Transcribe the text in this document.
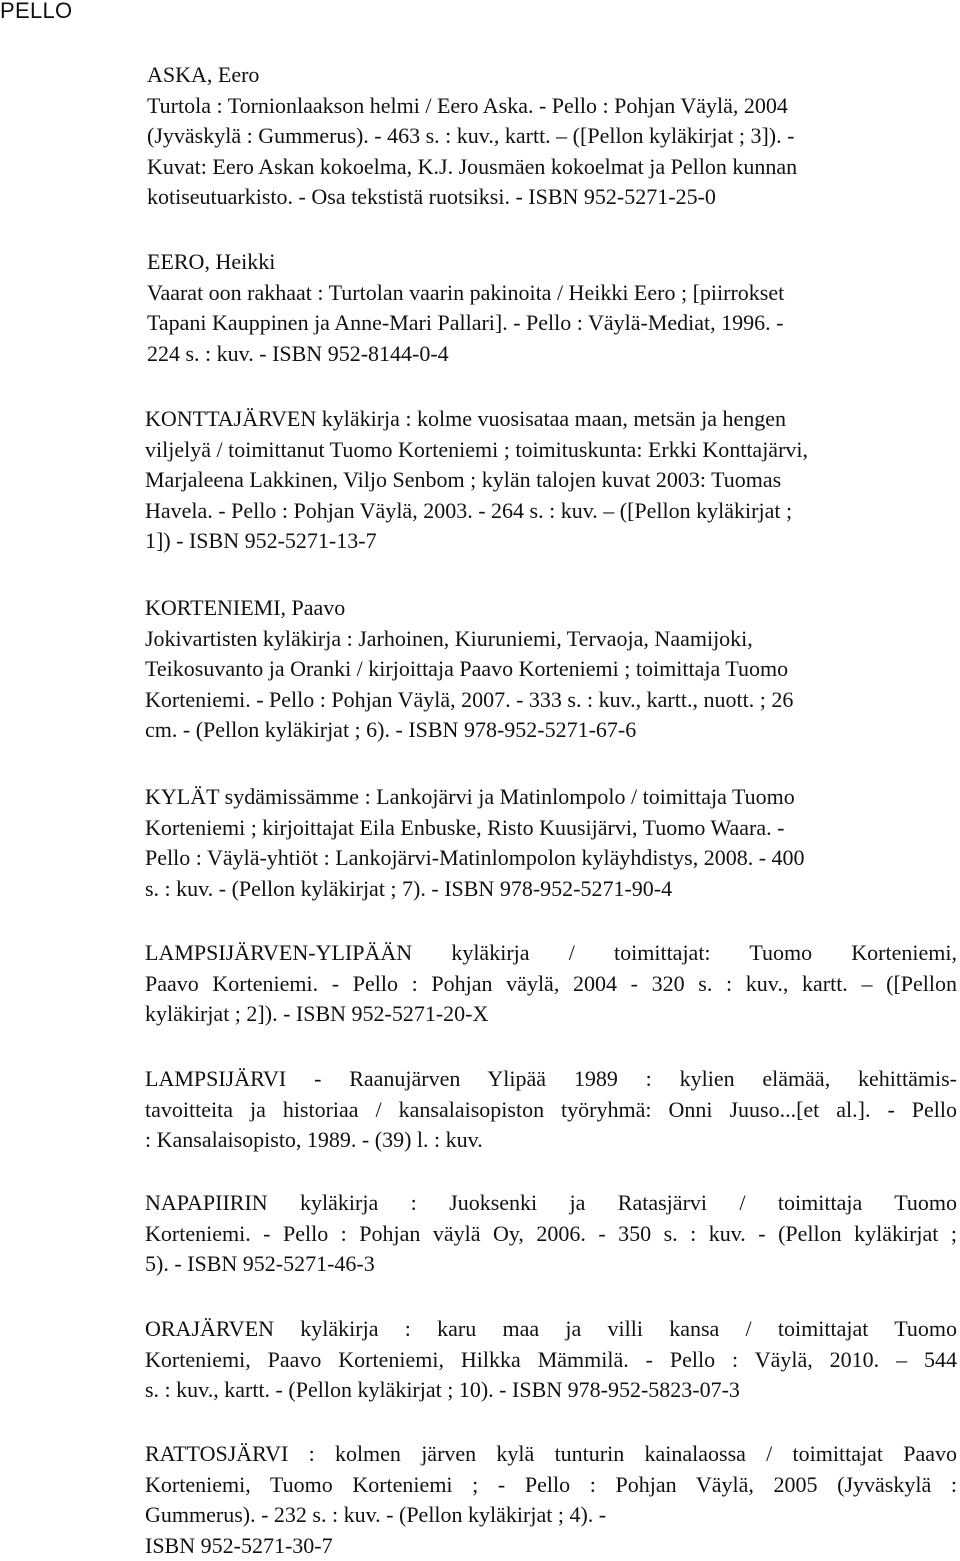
PELLO
ASKA, Eero
Turtola : Tornionlaakson helmi / Eero Aska. - Pello : Pohjan Väylä, 2004
(Jyväskylä : Gummerus). - 463 s. : kuv., kartt. – ([Pellon kyläkirjat ; 3]). -
Kuvat: Eero Askan kokoelma, K.J. Jousmäen kokoelmat ja Pellon kunnan
kotiseutuarkisto. - Osa tekstistä ruotsiksi. - ISBN 952-5271-25-0
EERO, Heikki
Vaarat oon rakhaat : Turtolan vaarin pakinoita / Heikki Eero ; [piirrokset
Tapani Kauppinen ja Anne-Mari Pallari]. - Pello : Väylä-Mediat, 1996. -
224 s. : kuv. - ISBN 952-8144-0-4
KONTTAJÄRVEN kyläkirja : kolme vuosisataa maan, metsän ja hengen
viljelyä / toimittanut Tuomo Korteniemi ; toimituskunta: Erkki Konttajärvi,
Marjaleena Lakkinen, Viljo Senbom ; kylän talojen kuvat 2003: Tuomas
Havela. - Pello : Pohjan Väylä, 2003. - 264 s. : kuv. – ([Pellon kyläkirjat ;
1]) - ISBN 952-5271-13-7
KORTENIEMI, Paavo
Jokivartisten kyläkirja : Jarhoinen, Kiuruniemi, Tervaoja, Naamijoki,
Teikosuvanto ja Oranki / kirjoittaja Paavo Korteniemi ; toimittaja Tuomo
Korteniemi. - Pello : Pohjan Väylä, 2007. - 333 s. : kuv., kartt., nuott. ; 26
cm. - (Pellon kyläkirjat ; 6). - ISBN 978-952-5271-67-6
KYLÄT sydämissämme : Lankojärvi ja Matinlompolo / toimittaja Tuomo
Korteniemi ; kirjoittajat Eila Enbuske, Risto Kuusijärvi, Tuomo Waara. -
Pello : Väylä-yhtiöt : Lankojärvi-Matinlompolon kyläyhdistys, 2008. - 400
s. : kuv. - (Pellon kyläkirjat ; 7). - ISBN 978-952-5271-90-4
LAMPSIJÄRVEN-YLIPÄÄN kyläkirja / toimittajat: Tuomo Korteniemi,
Paavo Korteniemi. - Pello : Pohjan väylä, 2004 - 320 s. : kuv., kartt. – ([Pellon
kyläkirjat ; 2]). - ISBN 952-5271-20-X
LAMPSIJÄRVI - Raanujärven Ylipää 1989 : kylien elämää, kehittämis-
tavoitteita ja historiaa / kansalaisopiston työryhmä: Onni Juuso...[et al.]. - Pello
: Kansalaisopisto, 1989. - (39) l. : kuv.
NAPAPIIRIN kyläkirja : Juoksenki ja Ratasjärvi / toimittaja Tuomo
Korteniemi. - Pello : Pohjan väylä Oy, 2006. - 350 s. : kuv. - (Pellon kyläkirjat ;
5). - ISBN 952-5271-46-3
ORAJÄRVEN kyläkirja : karu maa ja villi kansa / toimittajat Tuomo
Korteniemi, Paavo Korteniemi, Hilkka Mämmilä. - Pello : Väylä, 2010. – 544
s. : kuv., kartt. - (Pellon kyläkirjat ; 10). - ISBN 978-952-5823-07-3
RATTOSJÄRVI : kolmen järven kylä tunturin kainalaossa / toimittajat Paavo
Korteniemi, Tuomo Korteniemi ; - Pello : Pohjan Väylä, 2005 (Jyväskylä :
Gummerus). - 232 s. : kuv. - (Pellon kyläkirjat ; 4). -
ISBN 952-5271-30-7
